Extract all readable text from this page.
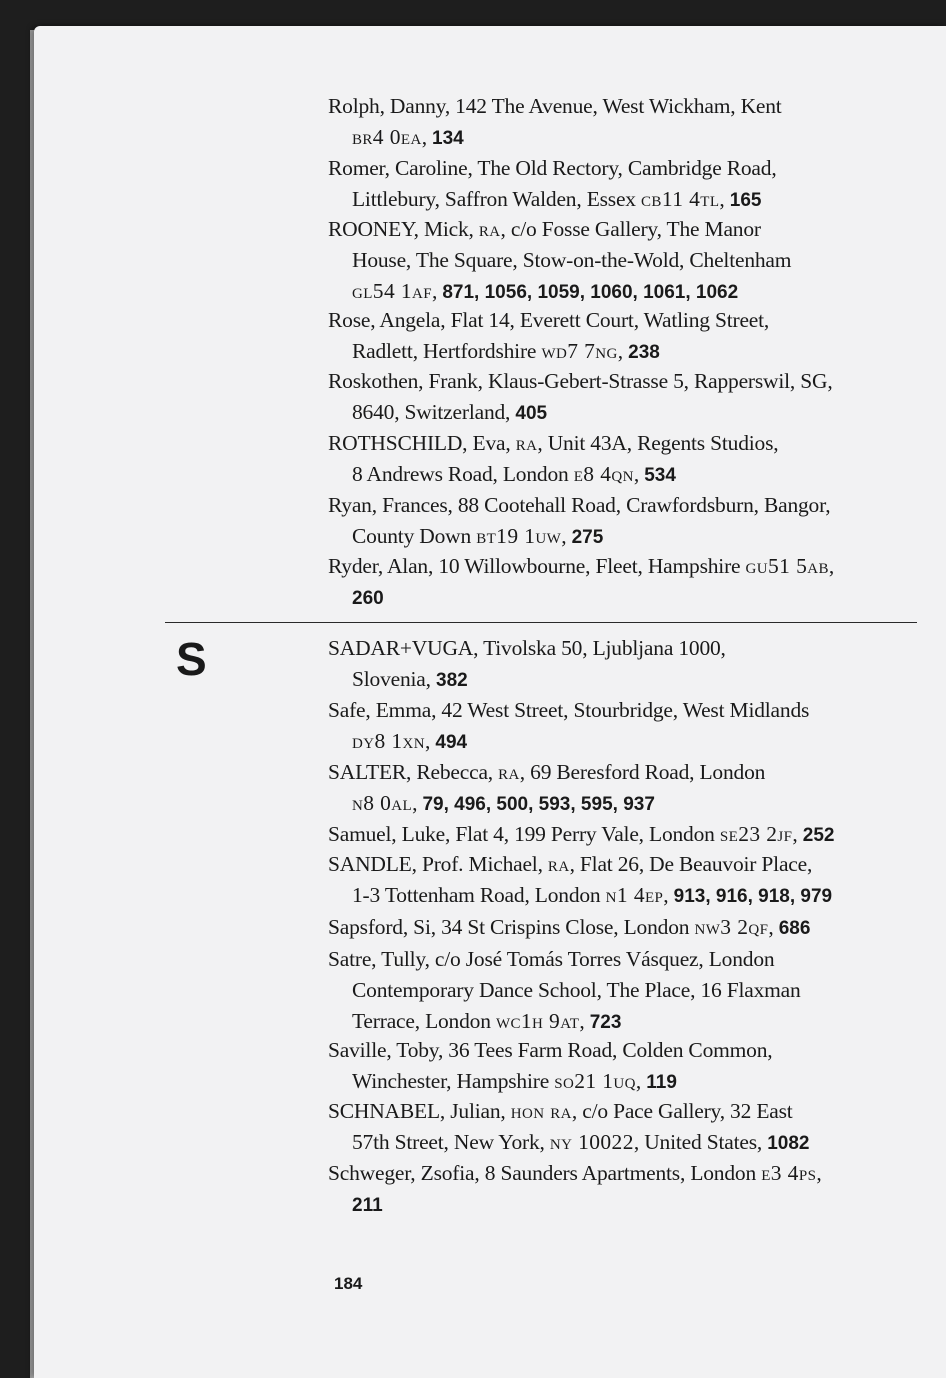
Rolph, Danny, 142 The Avenue, West Wickham, Kent
br4 0ea, 134
Romer, Caroline, The Old Rectory, Cambridge Road,
Littlebury, Saffron Walden, Essex cb11 4tl, 165
ROONEY, Mick, ra, c/o Fosse Gallery, The Manor
House, The Square, Stow-on-the-Wold, Cheltenham
gl54 1af, 871, 1056, 1059, 1060, 1061, 1062
Rose, Angela, Flat 14, Everett Court, Watling Street,
Radlett, Hertfordshire wd7 7ng, 238
Roskothen, Frank, Klaus-Gebert-Strasse 5, Rapperswil, SG,
8640, Switzerland, 405
ROTHSCHILD, Eva, ra, Unit 43A, Regents Studios,
8 Andrews Road, London e8 4qn, 534
Ryan, Frances, 88 Cootehall Road, Crawfordsburn, Bangor,
County Down bt19 1uw, 275
Ryder, Alan, 10 Willowbourne, Fleet, Hampshire gu51 5ab,
260
SADAR+VUGA, Tivolska 50, Ljubljana 1000,
Slovenia, 382
Safe, Emma, 42 West Street, Stourbridge, West Midlands
dy8 1xn, 494
SALTER, Rebecca, ra, 69 Beresford Road, London
n8 0al, 79, 496, 500, 593, 595, 937
Samuel, Luke, Flat 4, 199 Perry Vale, London se23 2jf, 252
SANDLE, Prof. Michael, ra, Flat 26, De Beauvoir Place,
1-3 Tottenham Road, London n1 4ep, 913, 916, 918, 979
Sapsford, Si, 34 St Crispins Close, London nw3 2qf, 686
Satre, Tully, c/o José Tomás Torres Vásquez, London
Contemporary Dance School, The Place, 16 Flaxman
Terrace, London wc1h 9at, 723
Saville, Toby, 36 Tees Farm Road, Colden Common,
Winchester, Hampshire so21 1uq, 119
SCHNABEL, Julian, hon ra, c/o Pace Gallery, 32 East
57th Street, New York, ny 10022, United States, 1082
Schweger, Zsofia, 8 Saunders Apartments, London e3 4ps,
211
S
184
